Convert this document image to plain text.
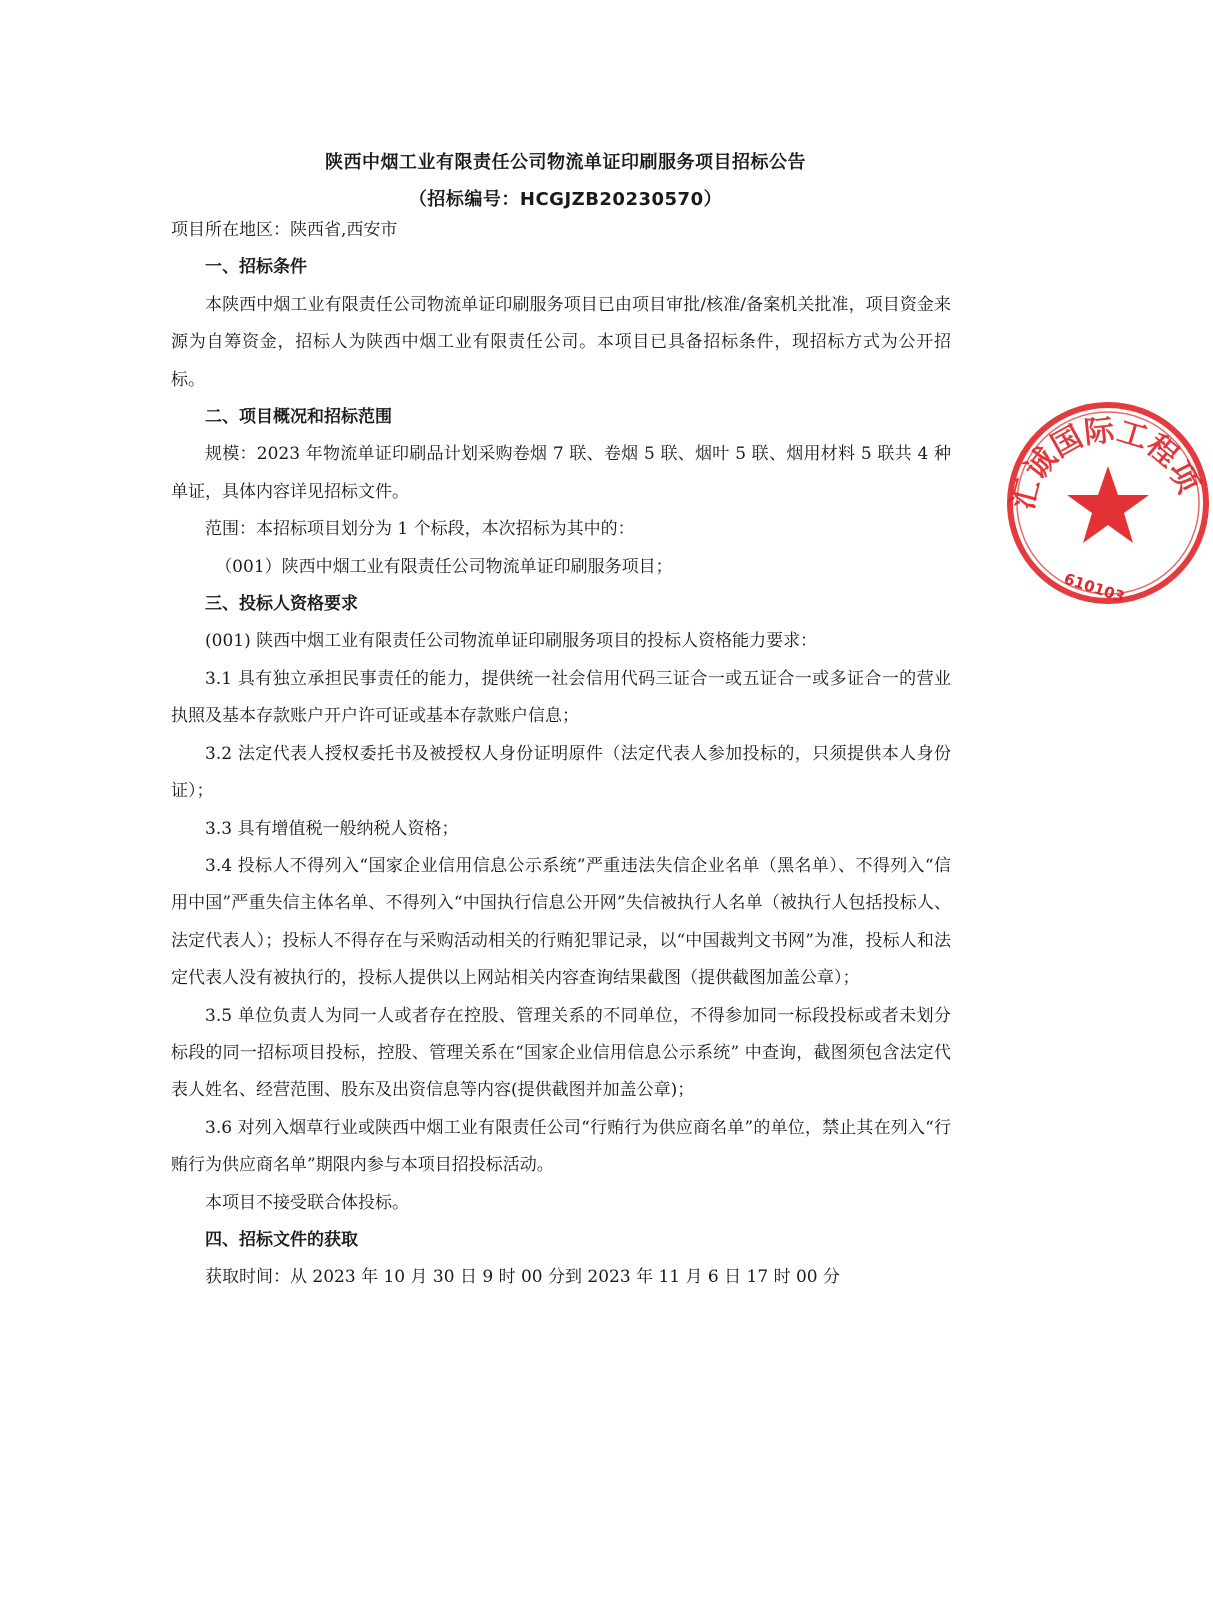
陕西中烟工业有限责任公司物流单证印刷服务项目招标公告
（招标编号：HCGJZB20230570）

项目所在地区：陕西省,西安市

一、招标条件

本陕西中烟工业有限责任公司物流单证印刷服务项目已由项目审批/核准/备案机关批准，项目资金来源为自筹资金，招标人为陕西中烟工业有限责任公司。本项目已具备招标条件，现招标方式为公开招标。

二、项目概况和招标范围

规模：2023 年物流单证印刷品计划采购卷烟 7 联、卷烟 5 联、烟叶 5 联、烟用材料 5 联共 4 种单证，具体内容详见招标文件。

范围：本招标项目划分为 1 个标段，本次招标为其中的：

（001）陕西中烟工业有限责任公司物流单证印刷服务项目；

三、投标人资格要求

(001) 陕西中烟工业有限责任公司物流单证印刷服务项目的投标人资格能力要求：

3.1 具有独立承担民事责任的能力，提供统一社会信用代码三证合一或五证合一或多证合一的营业执照及基本存款账户开户许可证或基本存款账户信息；

3.2 法定代表人授权委托书及被授权人身份证明原件（法定代表人参加投标的，只须提供本人身份证）；

3.3 具有增值税一般纳税人资格；

3.4 投标人不得列入“国家企业信用信息公示系统”严重违法失信企业名单（黑名单）、不得列入“信用中国”严重失信主体名单、不得列入“中国执行信息公开网”失信被执行人名单（被执行人包括投标人、法定代表人）；投标人不得存在与采购活动相关的行贿犯罪记录，以“中国裁判文书网”为准，投标人和法定代表人没有被执行的，投标人提供以上网站相关内容查询结果截图（提供截图加盖公章）；

3.5 单位负责人为同一人或者存在控股、管理关系的不同单位，不得参加同一标段投标或者未划分标段的同一招标项目投标，控股、管理关系在“国家企业信用信息公示系统” 中查询，截图须包含法定代表人姓名、经营范围、股东及出资信息等内容(提供截图并加盖公章)；

3.6 对列入烟草行业或陕西中烟工业有限责任公司“行贿行为供应商名单”的单位，禁止其在列入“行贿行为供应商名单”期限内参与本项目招投标活动。

本项目不接受联合体投标。

四、招标文件的获取

获取时间：从 2023 年 10 月 30 日 9 时 00 分到 2023 年 11 月 6 日 17 时 00 分

汇诚国际工程项
610103
